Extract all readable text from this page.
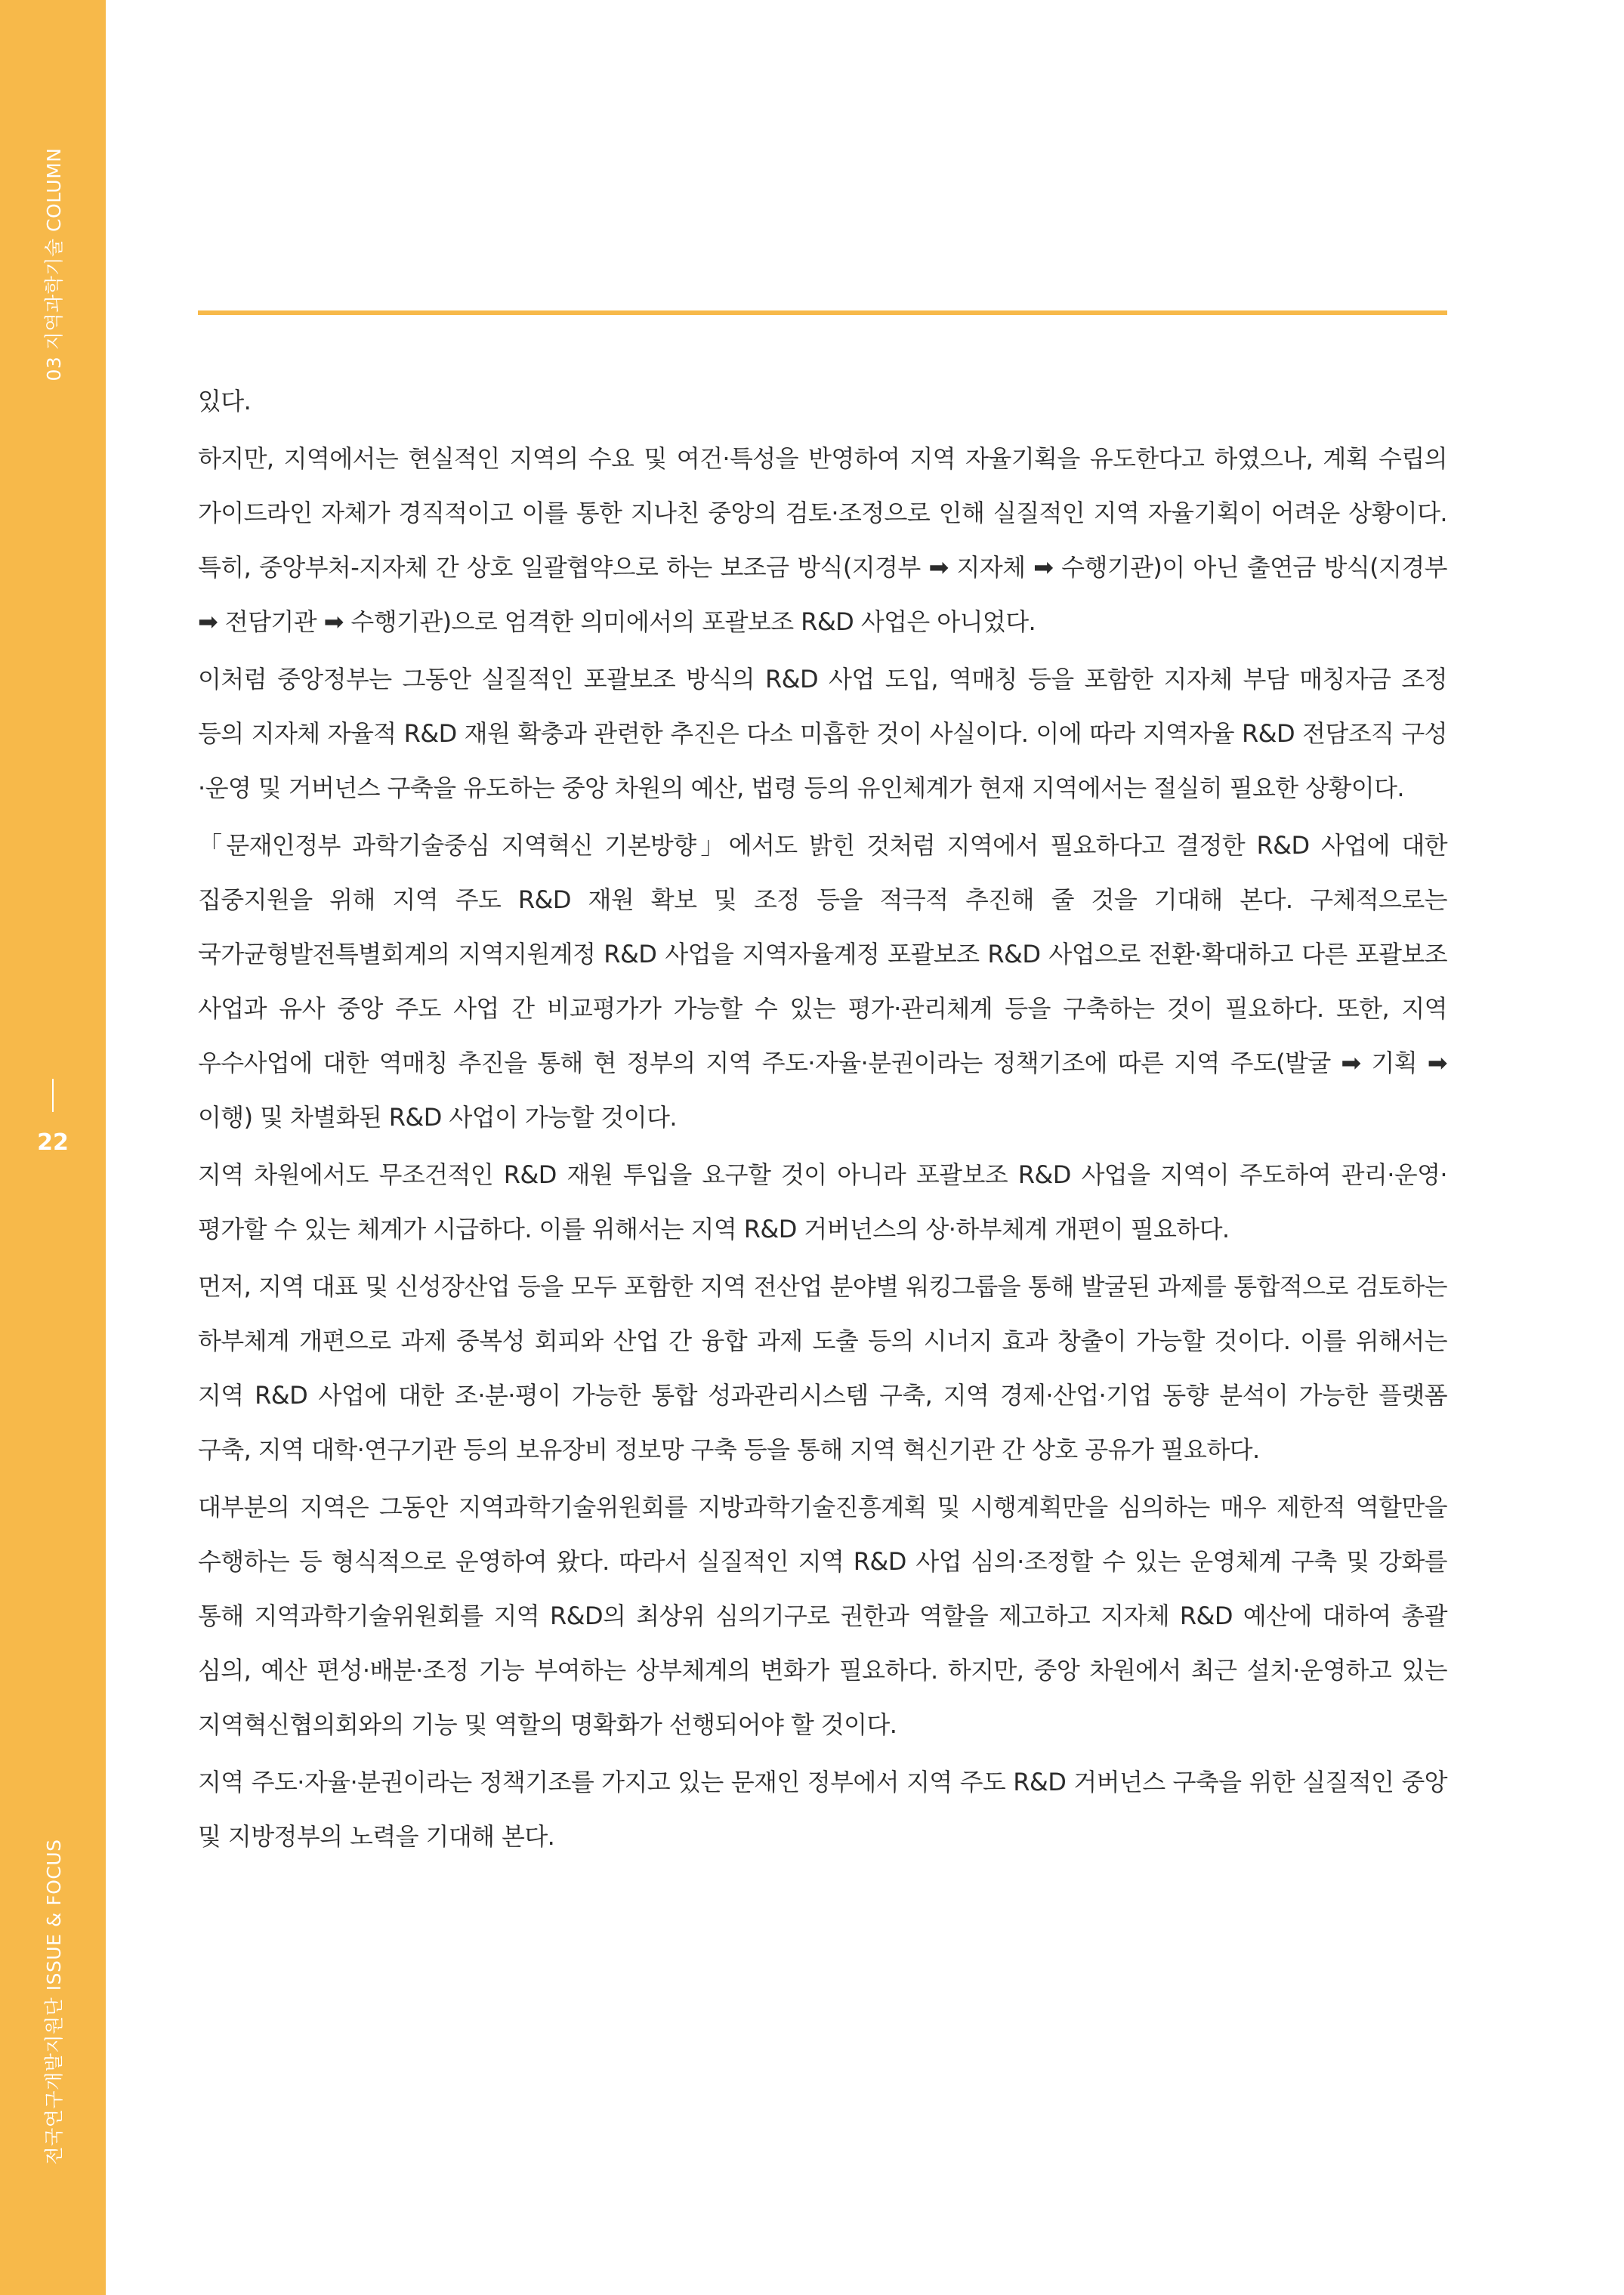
03 지역과학기술 COLUMN
22
전국연구개발지원단 ISSUE & FOCUS

있다.

하지만, 지역에서는 현실적인 지역의 수요 및 여건·특성을 반영하여 지역 자율기획을 유도한다고 하였으나, 계획 수립의 가이드라인 자체가 경직적이고 이를 통한 지나친 중앙의 검토·조정으로 인해 실질적인 지역 자율기획이 어려운 상황이다. 특히, 중앙부처-지자체 간 상호 일괄협약으로 하는 보조금 방식(지경부 ➡ 지자체 ➡ 수행기관)이 아닌 출연금 방식(지경부 ➡ 전담기관 ➡ 수행기관)으로 엄격한 의미에서의 포괄보조 R&D 사업은 아니었다.

이처럼 중앙정부는 그동안 실질적인 포괄보조 방식의 R&D 사업 도입, 역매칭 등을 포함한 지자체 부담 매칭자금 조정 등의 지자체 자율적 R&D 재원 확충과 관련한 추진은 다소 미흡한 것이 사실이다. 이에 따라 지역자율 R&D 전담조직 구성·운영 및 거버넌스 구축을 유도하는 중앙 차원의 예산, 법령 등의 유인체계가 현재 지역에서는 절실히 필요한 상황이다.

「문재인정부 과학기술중심 지역혁신 기본방향」에서도 밝힌 것처럼 지역에서 필요하다고 결정한 R&D 사업에 대한 집중지원을 위해 지역 주도 R&D 재원 확보 및 조정 등을 적극적 추진해 줄 것을 기대해 본다. 구체적으로는 국가균형발전특별회계의 지역지원계정 R&D 사업을 지역자율계정 포괄보조 R&D 사업으로 전환·확대하고 다른 포괄보조 사업과 유사 중앙 주도 사업 간 비교평가가 가능할 수 있는 평가·관리체계 등을 구축하는 것이 필요하다. 또한, 지역 우수사업에 대한 역매칭 추진을 통해 현 정부의 지역 주도·자율·분권이라는 정책기조에 따른 지역 주도(발굴 ➡ 기획 ➡ 이행) 및 차별화된 R&D 사업이 가능할 것이다.

지역 차원에서도 무조건적인 R&D 재원 투입을 요구할 것이 아니라 포괄보조 R&D 사업을 지역이 주도하여 관리·운영·평가할 수 있는 체계가 시급하다. 이를 위해서는 지역 R&D 거버넌스의 상·하부체계 개편이 필요하다.

먼저, 지역 대표 및 신성장산업 등을 모두 포함한 지역 전산업 분야별 워킹그룹을 통해 발굴된 과제를 통합적으로 검토하는 하부체계 개편으로 과제 중복성 회피와 산업 간 융합 과제 도출 등의 시너지 효과 창출이 가능할 것이다. 이를 위해서는 지역 R&D 사업에 대한 조·분·평이 가능한 통합 성과관리시스템 구축, 지역 경제·산업·기업 동향 분석이 가능한 플랫폼 구축, 지역 대학·연구기관 등의 보유장비 정보망 구축 등을 통해 지역 혁신기관 간 상호 공유가 필요하다.

대부분의 지역은 그동안 지역과학기술위원회를 지방과학기술진흥계획 및 시행계획만을 심의하는 매우 제한적 역할만을 수행하는 등 형식적으로 운영하여 왔다. 따라서 실질적인 지역 R&D 사업 심의·조정할 수 있는 운영체계 구축 및 강화를 통해 지역과학기술위원회를 지역 R&D의 최상위 심의기구로 권한과 역할을 제고하고 지자체 R&D 예산에 대하여 총괄 심의, 예산 편성·배분·조정 기능 부여하는 상부체계의 변화가 필요하다. 하지만, 중앙 차원에서 최근 설치·운영하고 있는 지역혁신협의회와의 기능 및 역할의 명확화가 선행되어야 할 것이다.

지역 주도·자율·분권이라는 정책기조를 가지고 있는 문재인 정부에서 지역 주도 R&D 거버넌스 구축을 위한 실질적인 중앙 및 지방정부의 노력을 기대해 본다.
